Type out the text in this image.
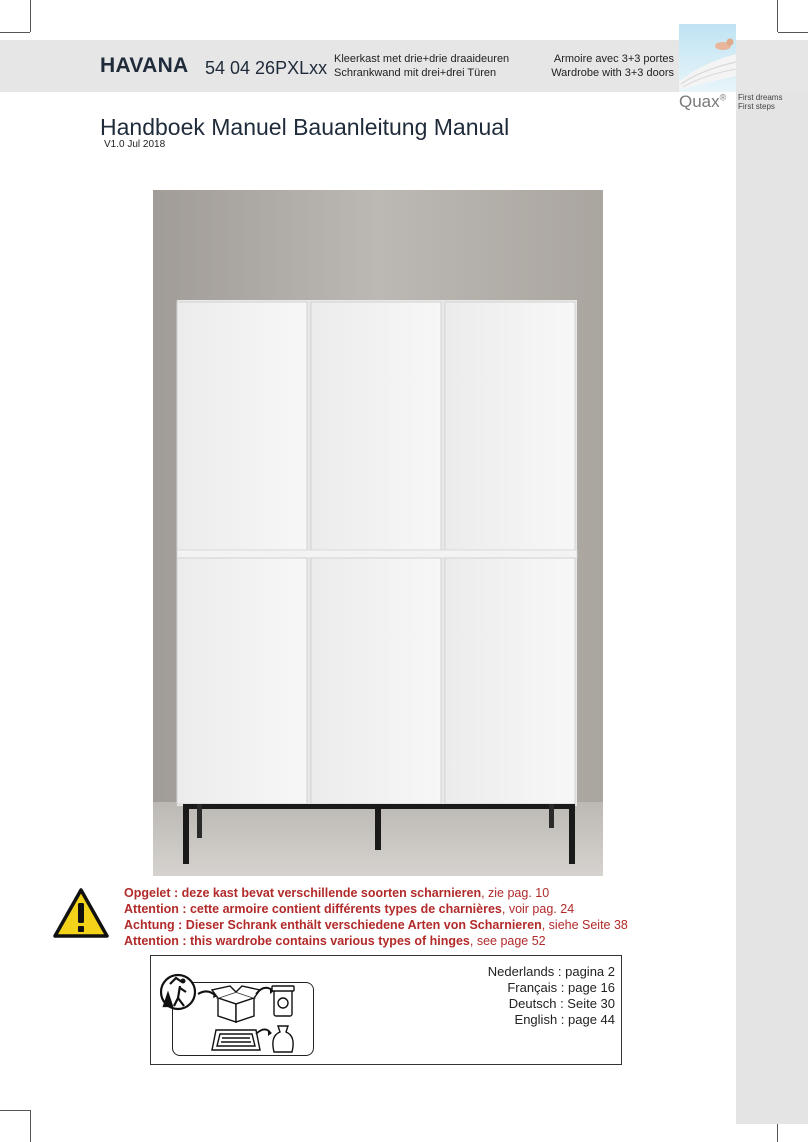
HAVANA 54 04 26PXLxx Kleerkast met drie+drie draaideuren
Schrankwand mit drei+drei Türen
Armoire avec 3+3 portes
Wardrobe with 3+3 doors
Quax® First dreams
First steps
Handboek Manuel Bauanleitung Manual
V1.0 Jul 2018
Opgelet : deze kast bevat verschillende soorten scharnieren, zie pag. 10
Attention : cette armoire contient différents types de charnières, voir pag. 24
Achtung : Dieser Schrank enthält verschiedene Arten von Scharnieren, siehe Seite 38
Attention : this wardrobe contains various types of hinges, see page 52
Nederlands : pagina 2
Français : page 16
Deutsch : Seite 30
English : page 44
